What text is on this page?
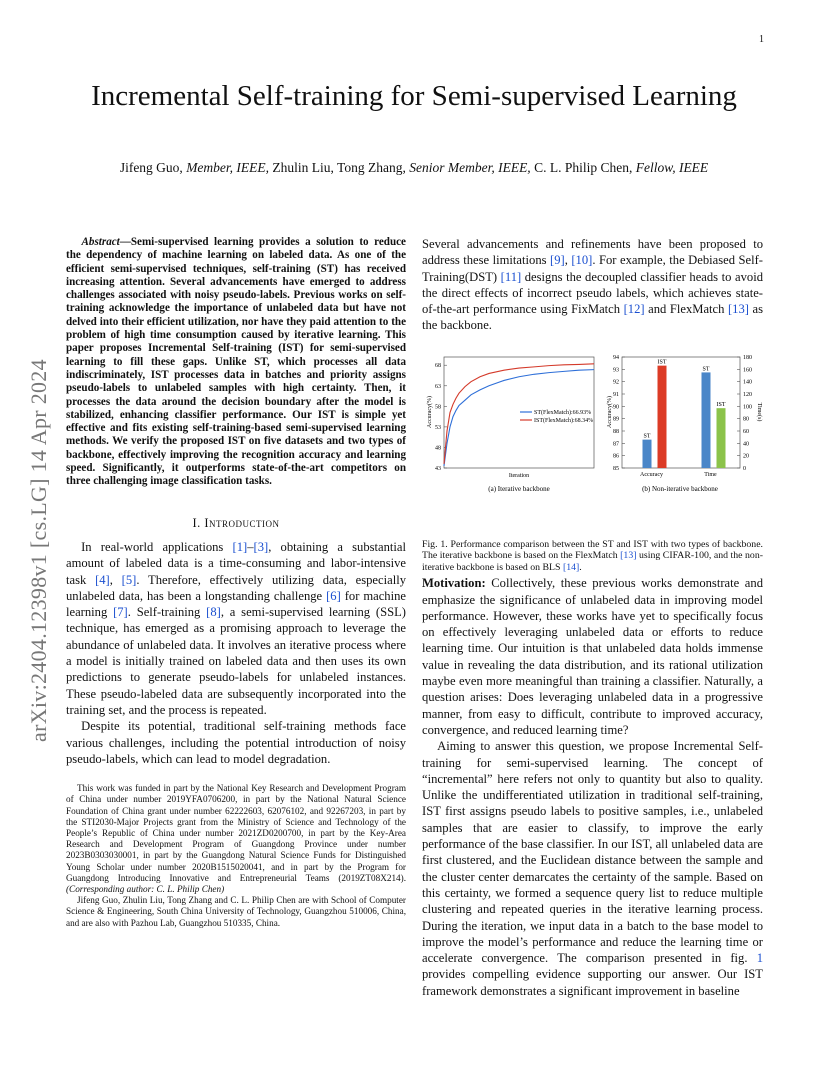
1
arXiv:2404.12398v1 [cs.LG] 14 Apr 2024
Incremental Self-training for Semi-supervised Learning
Jifeng Guo, Member, IEEE, Zhulin Liu, Tong Zhang, Senior Member, IEEE, C. L. Philip Chen, Fellow, IEEE

Abstract—Semi-supervised learning provides a solution to reduce the dependency of machine learning on labeled data. As one of the efficient semi-supervised techniques, self-training (ST) has received increasing attention. Several advancements have emerged to address challenges associated with noisy pseudo-labels. Previous works on self-training acknowledge the importance of unlabeled data but have not delved into their efficient utilization, nor have they paid attention to the problem of high time consumption caused by iterative learning. This paper proposes Incremental Self-training (IST) for semi-supervised learning to fill these gaps. Unlike ST, which processes all data indiscriminately, IST processes data in batches and priority assigns pseudo-labels to unlabeled samples with high certainty. Then, it processes the data around the decision boundary after the model is stabilized, enhancing classifier performance. Our IST is simple yet effective and fits existing self-training-based semi-supervised learning methods. We verify the proposed IST on five datasets and two types of backbone, effectively improving the recognition accuracy and learning speed. Significantly, it outperforms state-of-the-art competitors on three challenging image classification tasks.

I. Introduction

In real-world applications [1]–[3], obtaining a substantial amount of labeled data is a time-consuming and labor-intensive task [4], [5]. Therefore, effectively utilizing data, especially unlabeled data, has been a longstanding challenge [6] for machine learning [7]. Self-training [8], a semi-supervised learning (SSL) technique, has emerged as a promising approach to leverage the abundance of unlabeled data. It involves an iterative process where a model is initially trained on labeled data and then uses its own predictions to generate pseudo-labels for unlabeled instances. These pseudo-labeled data are subsequently incorporated into the training set, and the process is repeated.

Despite its potential, traditional self-training methods face various challenges, including the potential introduction of noisy pseudo-labels, which can lead to model degradation.

This work was funded in part by the National Key Research and Development Program of China under number 2019YFA0706200, in part by the National Natural Science Foundation of China grant under number 62222603, 62076102, and 92267203, in part by the STI2030-Major Projects grant from the Ministry of Science and Technology of the People’s Republic of China under number 2021ZD0200700, in part by the Key-Area Research and Development Program of Guangdong Province under number 2023B0303030001, in part by the Guangdong Natural Science Funds for Distinguished Young Scholar under number 2020B1515020041, and in part by the Program for Guangdong Introducing Innovative and Entrepreneurial Teams (2019ZT08X214). (Corresponding author: C. L. Philip Chen)

Jifeng Guo, Zhulin Liu, Tong Zhang and C. L. Philip Chen are with School of Computer Science & Engineering, South China University of Technology, Guangzhou 510006, China, and are also with Pazhou Lab, Guangzhou 510335, China.

Several advancements and refinements have been proposed to address these limitations [9], [10]. For example, the Debiased Self-Training(DST) [11] designs the decoupled classifier heads to avoid the direct effects of incorrect pseudo labels, which achieves state-of-the-art performance using FixMatch [12] and FlexMatch [13] as the backbone.

43
48
53
58
63
68
ST(FlexMatch):66.93%
IST(FlexMatch):68.34%
Accuracy(%)
Iteration
(a) Iterative backbone
85
86
87
88
89
90
91
92
93
94
0
20
40
60
80
100
120
140
160
180
ST
IST
Accuracy
ST
IST
Time
Accuracy(%)	Time(s)
(b) Non-iterative backbone

Fig. 1. Performance comparison between the ST and IST with two types of backbone. The iterative backbone is based on the FlexMatch [13] using CIFAR-100, and the non-iterative backbone is based on BLS [14].

Motivation: Collectively, these previous works demonstrate and emphasize the significance of unlabeled data in improving model performance. However, these works have yet to specifically focus on effectively leveraging unlabeled data or efforts to reduce learning time. Our intuition is that unlabeled data holds immense value in revealing the data distribution, and its rational utilization maybe even more meaningful than training a classifier. Naturally, a question arises: Does leveraging unlabeled data in a progressive manner, from easy to difficult, contribute to improved accuracy, convergence, and reduced learning time?

Aiming to answer this question, we propose Incremental Self-training for semi-supervised learning. The concept of “incremental” here refers not only to quantity but also to quality. Unlike the undifferentiated utilization in traditional self-training, IST first assigns pseudo labels to positive samples, i.e., unlabeled samples that are easier to classify, to improve the early performance of the base classifier. In our IST, all unlabeled data are first clustered, and the Euclidean distance between the sample and the cluster center demarcates the certainty of the sample. Based on this certainty, we formed a sequence query list to reduce multiple clustering and repeated queries in the iterative learning process. During the iteration, we input data in a batch to the base model to improve the model’s performance and reduce the learning time or accelerate convergence. The comparison presented in fig. 1 provides compelling evidence supporting our answer. Our IST framework demonstrates a significant improvement in baseline
